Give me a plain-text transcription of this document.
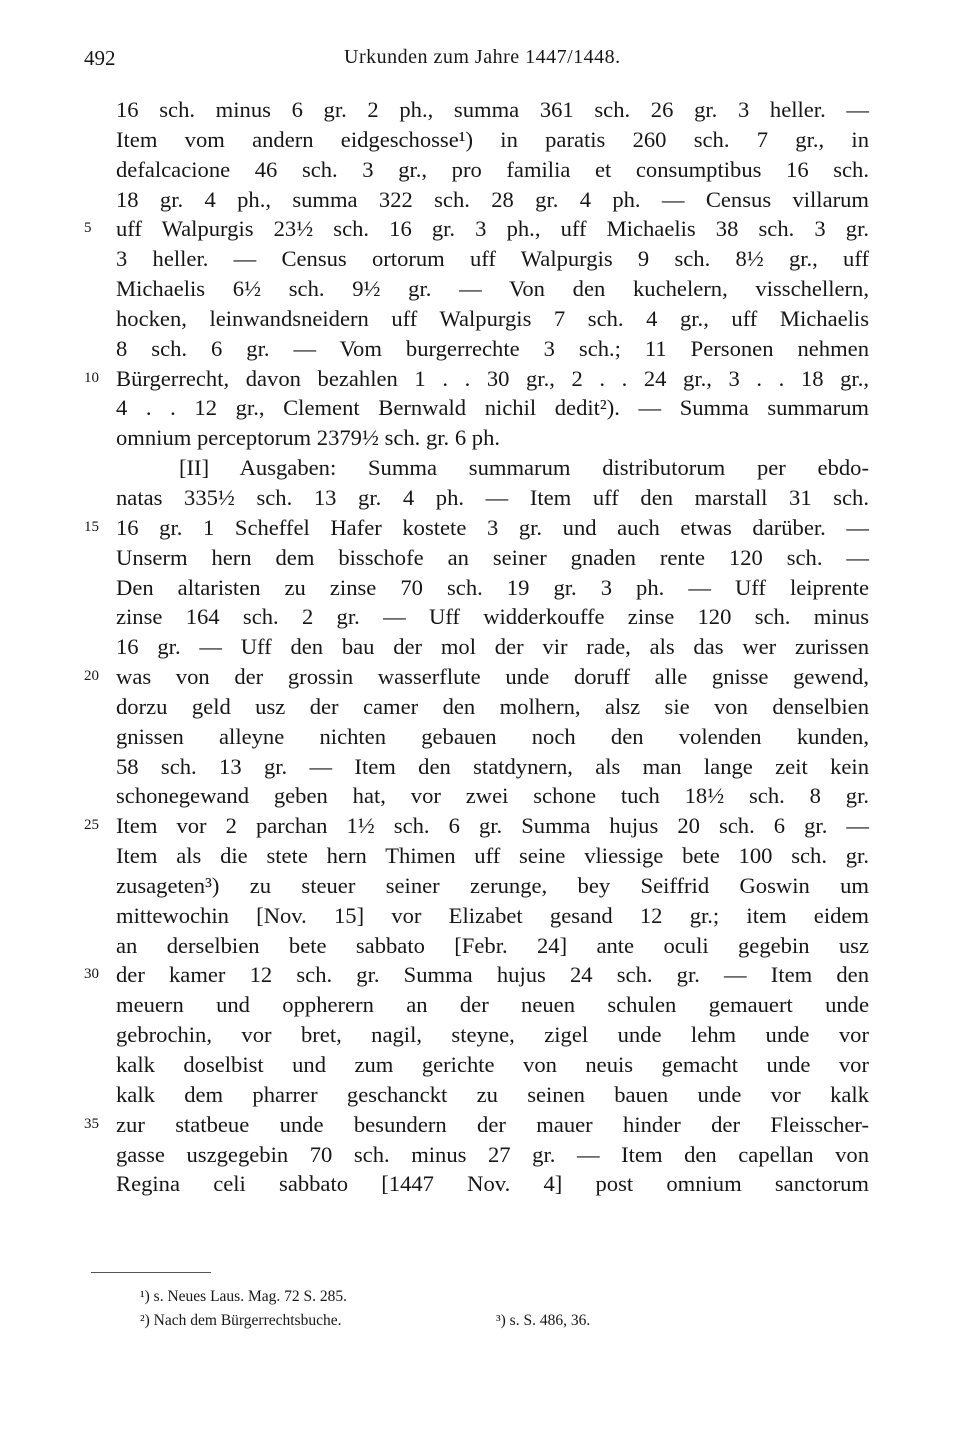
492	Urkunden zum Jahre 1447/1448.
16 sch. minus 6 gr. 2 ph., summa 361 sch. 26 gr. 3 heller. —
Item vom andern eidgeschosse¹) in paratis 260 sch. 7 gr., in
defalcacione 46 sch. 3 gr., pro familia et consumptibus 16 sch.
18 gr. 4 ph., summa 322 sch. 28 gr. 4 ph. — Census villarum
5	uff Walpurgis 23½ sch. 16 gr. 3 ph., uff Michaelis 38 sch. 3 gr.
3 heller. — Census ortorum uff Walpurgis 9 sch. 8½ gr., uff
Michaelis 6½ sch. 9½ gr. — Von den kuchelern, visschellern,
hocken, leinwandsneidern uff Walpurgis 7 sch. 4 gr., uff Michaelis
8 sch. 6 gr. — Vom burgerrechte 3 sch.; 11 Personen nehmen
10 Bürgerrecht, davon bezahlen 1 . . 30 gr., 2 . . 24 gr., 3 . . 18 gr.,
4 . . 12 gr., Clement Bernwald nichil dedit²). — Summa summarum
omnium perceptorum 2379½ sch. gr. 6 ph.
[II] Ausgaben: Summa summarum distributorum per ebdo-
natas 335½ sch. 13 gr. 4 ph. — Item uff den marstall 31 sch.
15 16 gr. 1 Scheffel Hafer kostete 3 gr. und auch etwas darüber. —
Unserm hern dem bisschofe an seiner gnaden rente 120 sch. —
Den altaristen zu zinse 70 sch. 19 gr. 3 ph. — Uff leiprente
zinse 164 sch. 2 gr. — Uff widderkouffe zinse 120 sch. minus
16 gr. — Uff den bau der mol der vir rade, als das wer zurissen
20 was von der grossin wasserflute unde doruff alle gnisse gewend,
dorzu geld usz der camer den molhern, alsz sie von denselbien
gnissen alleyne nichten gebauen noch den volenden kunden,
58 sch. 13 gr. — Item den statdynern, als man lange zeit kein
schonegewand geben hat, vor zwei schone tuch 18½ sch. 8 gr.
25 Item vor 2 parchan 1½ sch. 6 gr. Summa hujus 20 sch. 6 gr. —
Item als die stete hern Thimen uff seine vliessige bete 100 sch. gr.
zusageten³) zu steuer seiner zerunge, bey Seiffrid Goswin um
mittewochin [Nov. 15] vor Elizabet gesand 12 gr.; item eidem
an derselbien bete sabbato [Febr. 24] ante oculi gegebin usz
30 der kamer 12 sch. gr. Summa hujus 24 sch. gr. — Item den
meuern und oppherern an der neuen schulen gemauert unde
gebrochin, vor bret, nagil, steyne, zigel unde lehm unde vor
kalk doselbist und zum gerichte von neuis gemacht unde vor
kalk dem pharrer geschanckt zu seinen bauen unde vor kalk
35 zur statbeue unde besundern der mauer hinder der Fleisscher-
gasse uszgegebin 70 sch. minus 27 gr. — Item den capellan von
Regina celi sabbato [1447 Nov. 4] post omnium sanctorum
¹) s. Neues Laus. Mag. 72 S. 285.
²) Nach dem Bürgerrechtsbuche.	³) s. S. 486, 36.
